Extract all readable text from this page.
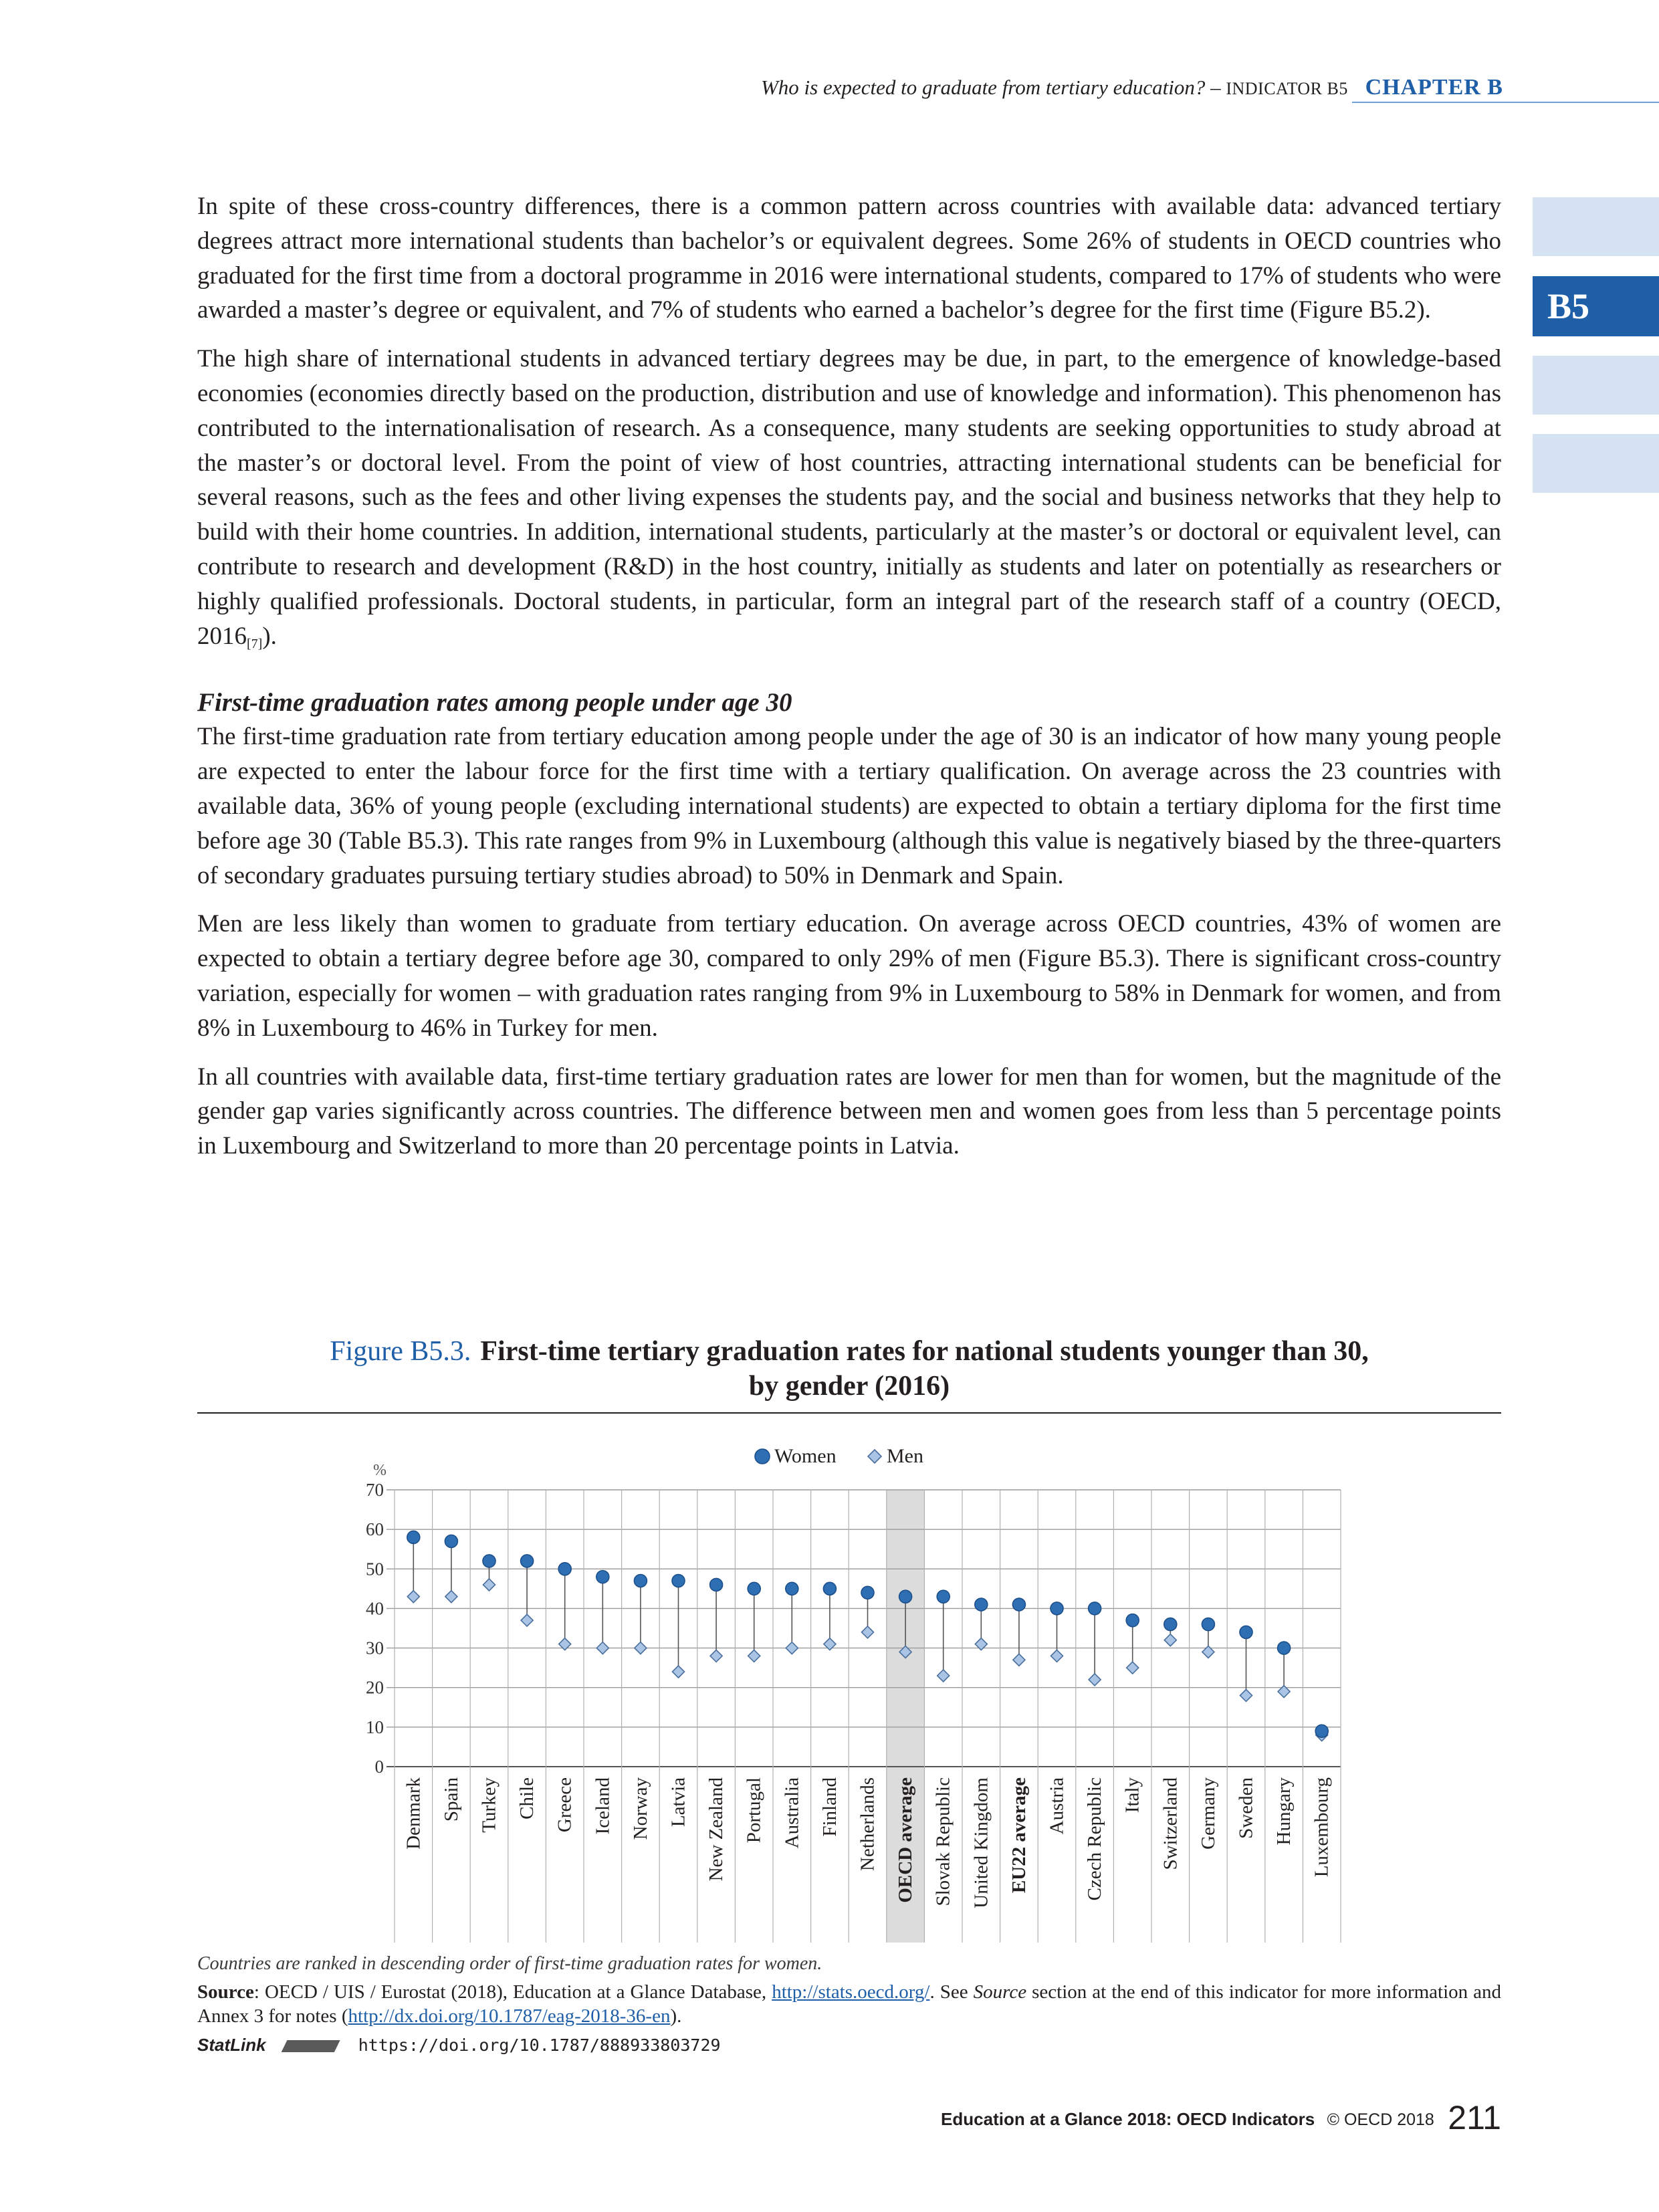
Who is expected to graduate from tertiary education? – INDICATOR B5 CHAPTER B
B5

In spite of these cross-country differences, there is a common pattern across countries with available data: advanced tertiary degrees attract more international students than bachelor’s or equivalent degrees. Some 26% of students in OECD countries who graduated for the first time from a doctoral programme in 2016 were international students, compared to 17% of students who were awarded a master’s degree or equivalent, and 7% of students who earned a bachelor’s degree for the first time (Figure B5.2).

The high share of international students in advanced tertiary degrees may be due, in part, to the emergence of knowledge-based economies (economies directly based on the production, distribution and use of knowledge and information). This phenomenon has contributed to the internationalisation of research. As a consequence, many students are seeking opportunities to study abroad at the master’s or doctoral level. From the point of view of host countries, attracting international students can be beneficial for several reasons, such as the fees and other living expenses the students pay, and the social and business networks that they help to build with their home countries. In addition, international students, particularly at the master’s or doctoral or equivalent level, can contribute to research and development (R&D) in the host country, initially as students and later on potentially as researchers or highly qualified professionals. Doctoral students, in particular, form an integral part of the research staff of a country (OECD, $2016_{[7]}$).

First-time graduation rates among people under age 30

The first-time graduation rate from tertiary education among people under the age of 30 is an indicator of how many young people are expected to enter the labour force for the first time with a tertiary qualification. On average across the 23 countries with available data, 36% of young people (excluding international students) are expected to obtain a tertiary diploma for the first time before age 30 (Table B5.3). This rate ranges from 9% in Luxembourg (although this value is negatively biased by the three-quarters of secondary graduates pursuing tertiary studies abroad) to 50% in Denmark and Spain.

Men are less likely than women to graduate from tertiary education. On average across OECD countries, 43% of women are expected to obtain a tertiary degree before age 30, compared to only 29% of men (Figure B5.3). There is significant cross-country variation, especially for women – with graduation rates ranging from 9% in Luxembourg to 58% in Denmark for women, and from 8% in Luxembourg to 46% in Turkey for men.

In all countries with available data, first-time tertiary graduation rates are lower for men than for women, but the magnitude of the gender gap varies significantly across countries. The difference between men and women goes from less than 5 percentage points in Luxembourg and Switzerland to more than 20 percentage points in Latvia.

Figure B5.3. First-time tertiary graduation rates for national students younger than 30,
by gender (2016)
0
10
20
30
40
50
60
70
%
Denmark Spain Turkey Chile Greece Iceland Norway Latvia New Zealand Portugal Australia Finland Netherlands OECD average Slovak Republic United Kingdom EU22 average Austria Czech Republic Italy Switzerland Germany Sweden Hungary Luxembourg
Women	Men
Countries are ranked in descending order of first-time graduation rates for women.
Source: OECD / UIS / Eurostat (2018), Education at a Glance Database, http://stats.oecd.org/. See Source section at the end of this indicator for more information and Annex 3 for notes (http://dx.doi.org/10.1787/eag-2018-36-en).
StatLink	https://doi.org/10.1787/888933803729
Education at a Glance 2018: OECD Indicators © OECD 2018 211
